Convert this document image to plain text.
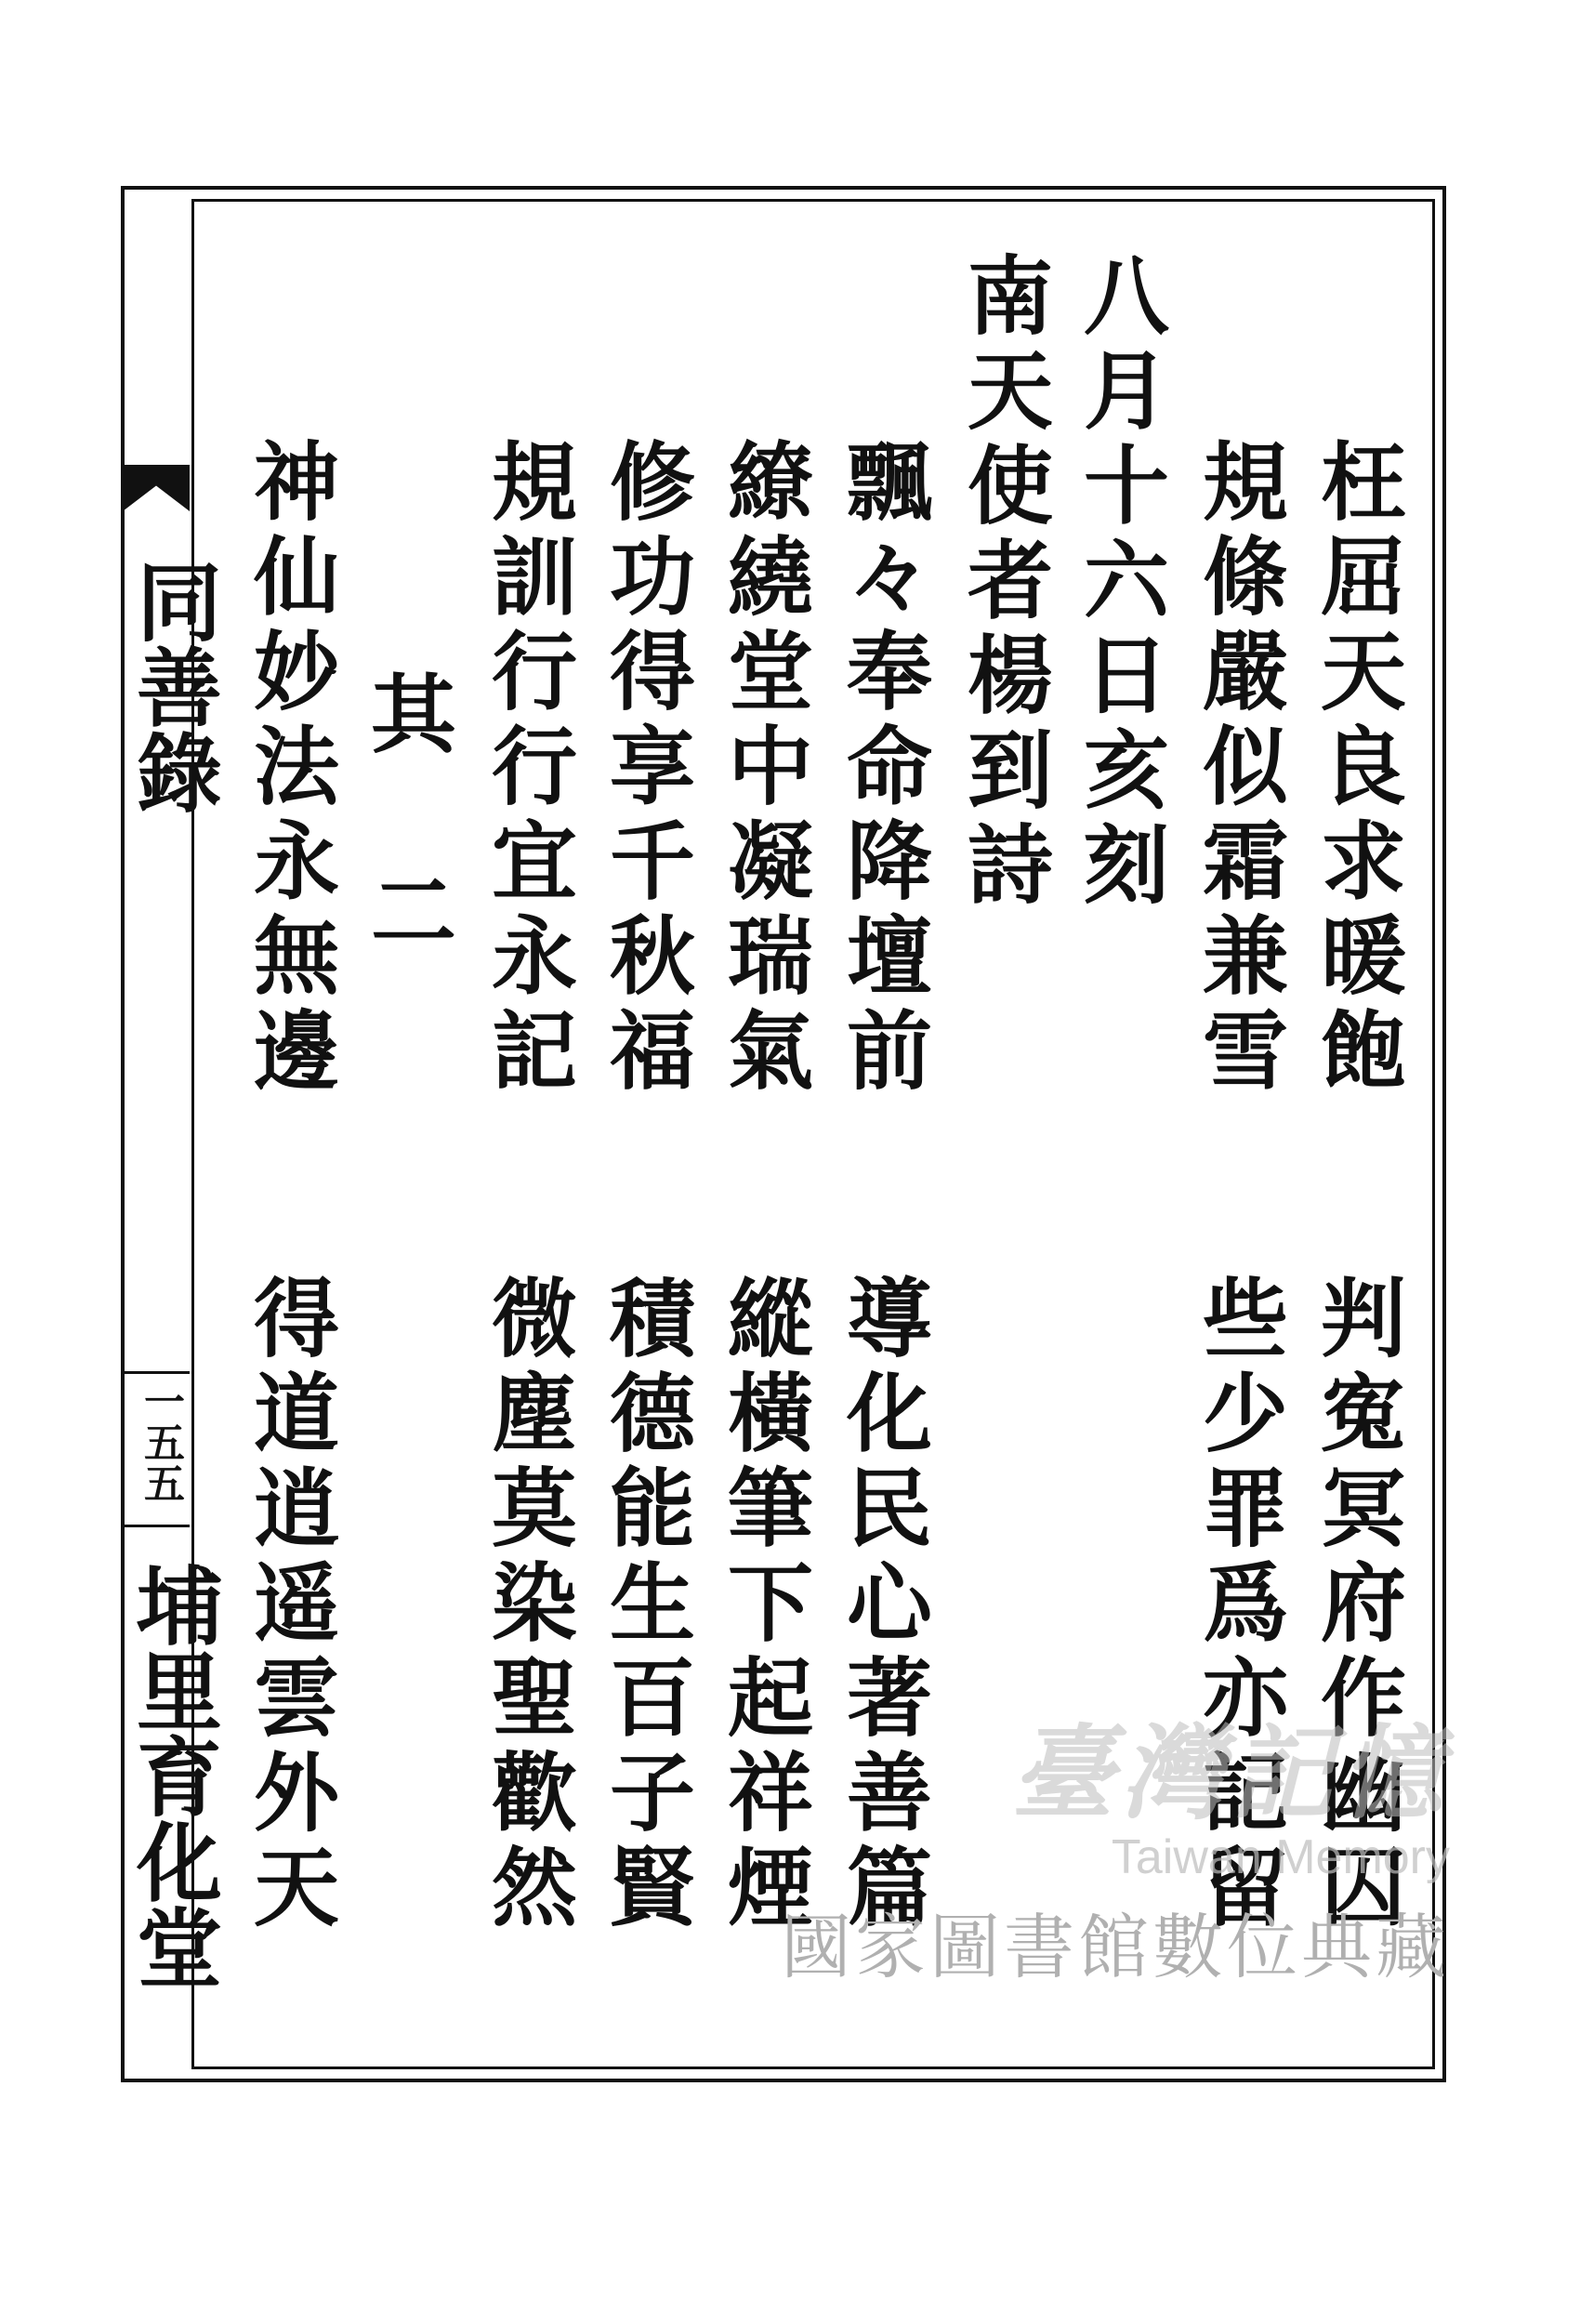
同善錄
一五五
埔里育化堂
枉屈天良求暖飽
判寃冥府作幽囚
規條嚴似霜兼雪
些少罪爲亦記留
八月十六日亥刻
南天使者楊到詩
飄々奉命降壇前
導化民心著善篇
繚繞堂中凝瑞氣
縱橫筆下起祥煙
修功得享千秋福
積德能生百子賢
規訓行行宜永記
微塵莫染聖歡然
其二
神仙妙法永無邊
得道逍遥雲外天	臺灣記憶
Taiwan Memory
國家圖書館數位典藏
